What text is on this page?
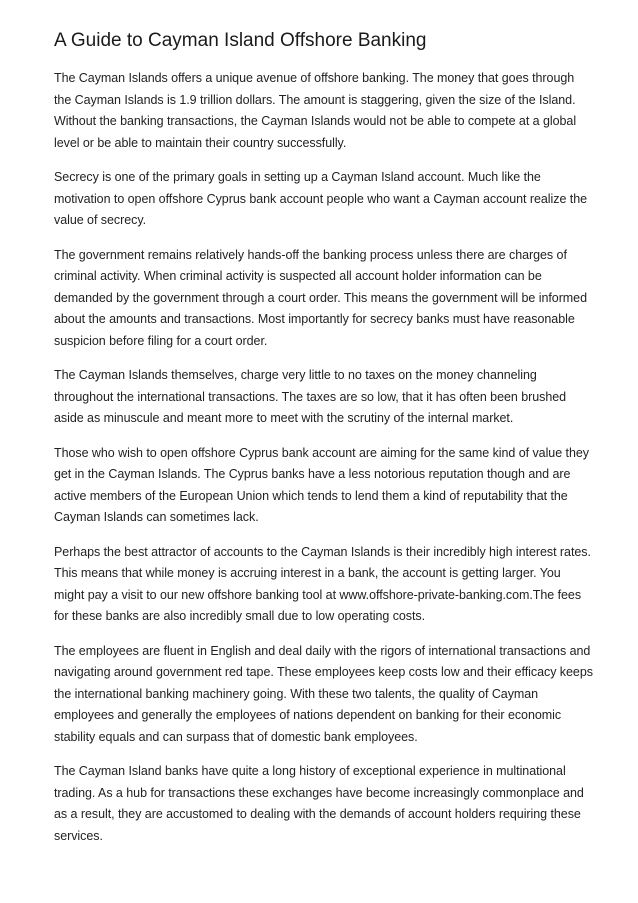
A Guide to Cayman Island Offshore Banking

The Cayman Islands offers a unique avenue of offshore banking. The money that goes through the Cayman Islands is 1.9 trillion dollars. The amount is staggering, given the size of the Island. Without the banking transactions, the Cayman Islands would not be able to compete at a global level or be able to maintain their country successfully.

Secrecy is one of the primary goals in setting up a Cayman Island account. Much like the motivation to open offshore Cyprus bank account people who want a Cayman account realize the value of secrecy.

The government remains relatively hands-off the banking process unless there are charges of criminal activity. When criminal activity is suspected all account holder information can be demanded by the government through a court order. This means the government will be informed about the amounts and transactions. Most importantly for secrecy banks must have reasonable suspicion before filing for a court order.

The Cayman Islands themselves, charge very little to no taxes on the money channeling throughout the international transactions. The taxes are so low, that it has often been brushed aside as minuscule and meant more to meet with the scrutiny of the internal market.

Those who wish to open offshore Cyprus bank account are aiming for the same kind of value they get in the Cayman Islands. The Cyprus banks have a less notorious reputation though and are active members of the European Union which tends to lend them a kind of reputability that the Cayman Islands can sometimes lack.

Perhaps the best attractor of accounts to the Cayman Islands is their incredibly high interest rates. This means that while money is accruing interest in a bank, the account is getting larger. You might pay a visit to our new offshore banking tool at www.offshore-private-banking.com.The fees for these banks are also incredibly small due to low operating costs.

The employees are fluent in English and deal daily with the rigors of international transactions and navigating around government red tape. These employees keep costs low and their efficacy keeps the international banking machinery going. With these two talents, the quality of Cayman employees and generally the employees of nations dependent on banking for their economic stability equals and can surpass that of domestic bank employees.

The Cayman Island banks have quite a long history of exceptional experience in multinational trading. As a hub for transactions these exchanges have become increasingly commonplace and as a result, they are accustomed to dealing with the demands of account holders requiring these services.
